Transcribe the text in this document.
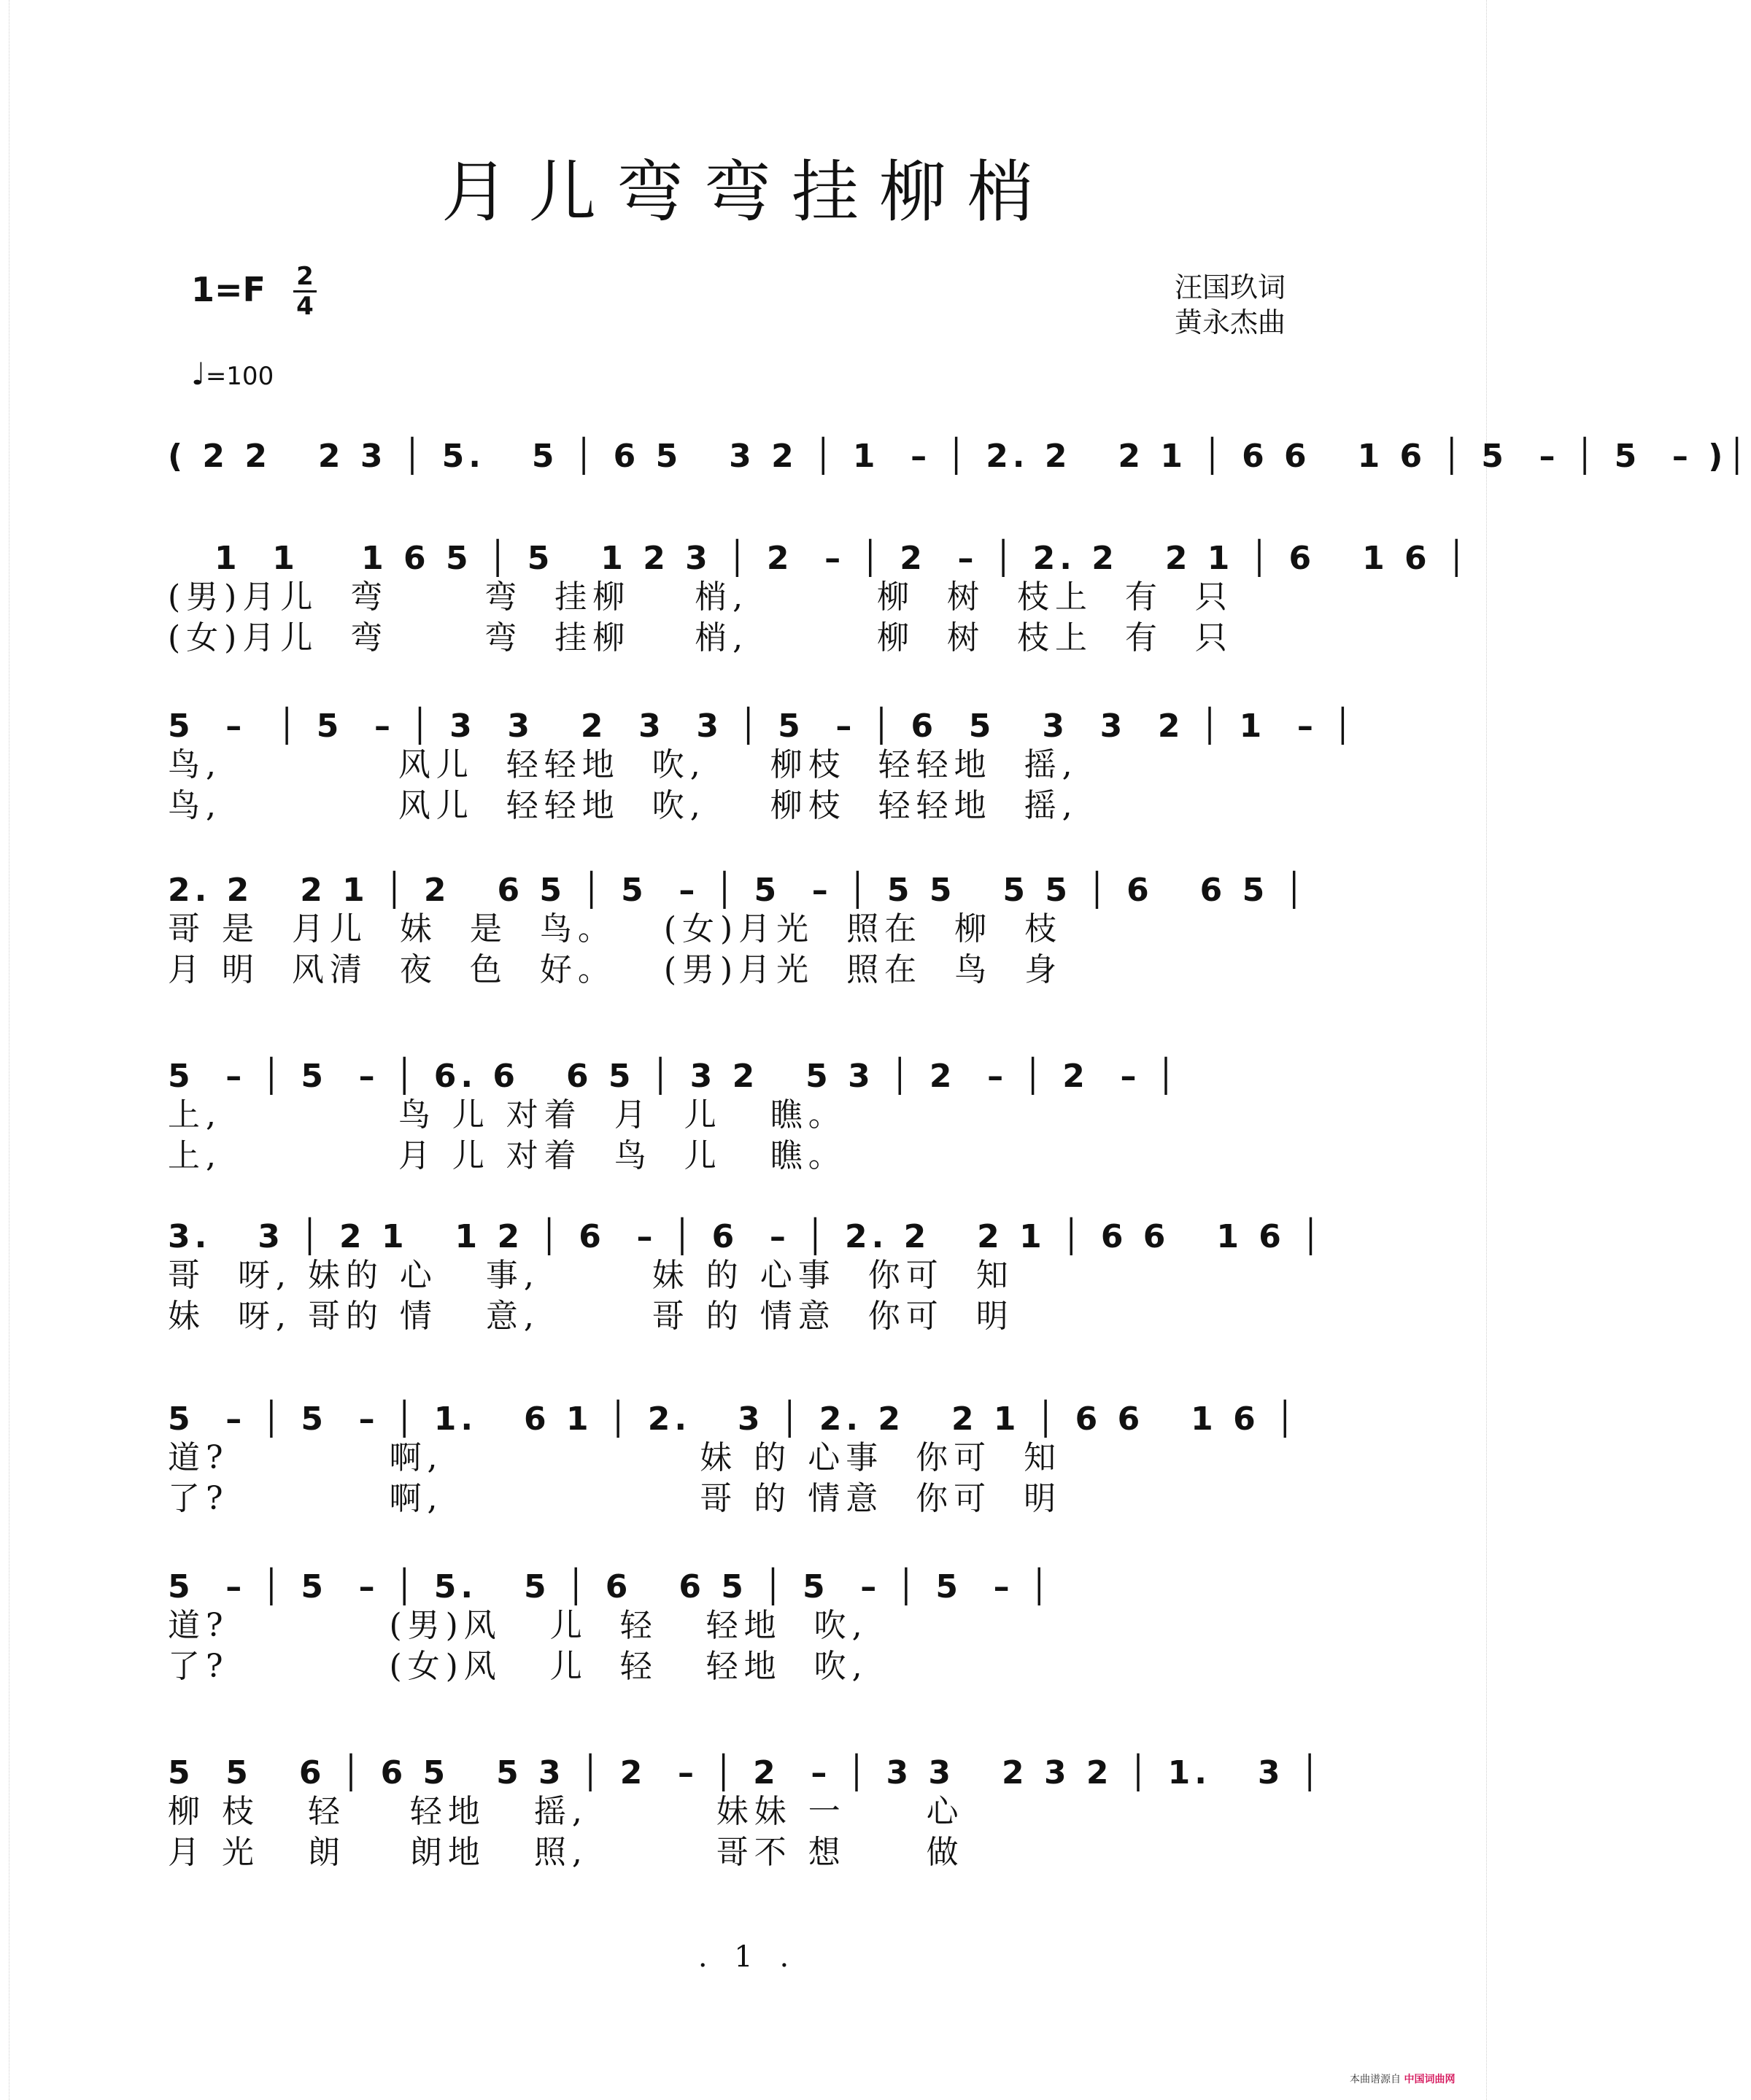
月儿弯弯挂柳梢
1=F 2
4
汪国玖词
黄永杰曲
♩=100
( 2 2   2 3 │ 5.   5 │ 6 5   3 2 │ 1  – │ 2. 2   2 1 │ 6 6   1 6 │ 5  – │ 5  – )│
1  1    1 6 5 │ 5   1 2 3 │ 2  – │ 2  – │ 2. 2   2 1 │ 6   1 6 │
(男)月儿  弯      弯  挂柳    梢,        柳  树  枝上  有  只
(女)月儿  弯      弯  挂柳    梢,        柳  树  枝上  有  只
5  –  │ 5  – │ 3  3   2  3  3 │ 5  – │ 6  5   3  3  2 │ 1  – │
鸟,           风儿  轻轻地  吹,    柳枝  轻轻地  摇,
鸟,           风儿  轻轻地  吹,    柳枝  轻轻地  摇,
2. 2   2 1 │ 2   6 5 │ 5  – │ 5  – │ 5 5   5 5 │ 6   6 5 │
哥 是  月儿  妹  是  鸟。   (女)月光  照在  柳  枝
月 明  风清  夜  色  好。   (男)月光  照在  鸟  身
5  – │ 5  – │ 6. 6   6 5 │ 3 2   5 3 │ 2  – │ 2  – │
上,           鸟 儿 对着  月  儿   瞧。
上,           月 儿 对着  鸟  儿   瞧。
3.   3 │ 2 1   1 2 │ 6  – │ 6  – │ 2. 2   2 1 │ 6 6   1 6 │
哥  呀, 妹的 心   事,       妹 的 心事  你可  知
妹  呀, 哥的 情   意,       哥 的 情意  你可  明
5  – │ 5  – │ 1.   6 1 │ 2.   3 │ 2. 2   2 1 │ 6 6   1 6 │
道?          啊,                妹 的 心事  你可  知
了?          啊,                哥 的 情意  你可  明
5  – │ 5  – │ 5.   5 │ 6   6 5 │ 5  – │ 5  – │
道?          (男)风   儿  轻   轻地  吹,
了?          (女)风   儿  轻   轻地  吹,
5  5   6 │ 6 5   5 3 │ 2  – │ 2  – │ 3 3   2 3 2 │ 1.   3 │
柳 枝   轻    轻地   摇,        妹妹 一     心
月 光   朗    朗地   照,        哥不 想     做
. 1 .
本曲谱源自 中国词曲网
